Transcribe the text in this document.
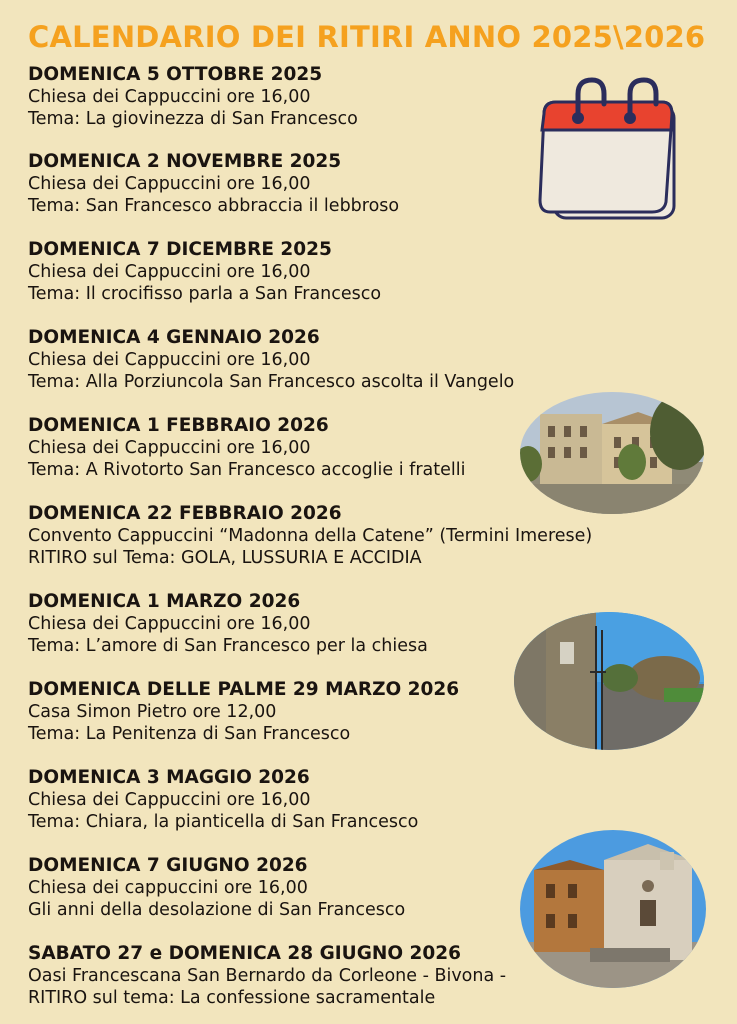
CALENDARIO DEI RITIRI ANNO 2025\2026
DOMENICA 5 OTTOBRE 2025
Chiesa dei Cappuccini ore 16,00
Tema: La giovinezza di San Francesco
DOMENICA 2 NOVEMBRE 2025
Chiesa dei Cappuccini ore 16,00
Tema: San Francesco abbraccia il lebbroso
DOMENICA 7 DICEMBRE 2025
Chiesa dei Cappuccini ore 16,00
Tema: Il crocifisso parla a San Francesco
DOMENICA 4 GENNAIO 2026
Chiesa dei Cappuccini ore 16,00
Tema: Alla Porziuncola San Francesco ascolta il Vangelo
DOMENICA 1 FEBBRAIO 2026
Chiesa dei Cappuccini ore 16,00
Tema: A Rivotorto San Francesco accoglie i fratelli
DOMENICA 22 FEBBRAIO 2026
Convento Cappuccini “Madonna della Catene” (Termini Imerese)
RITIRO sul Tema: GOLA, LUSSURIA E ACCIDIA
DOMENICA 1 MARZO 2026
Chiesa dei Cappuccini ore 16,00
Tema: L’amore di San Francesco per la chiesa
DOMENICA DELLE PALME 29 MARZO 2026
Casa Simon Pietro ore 12,00
Tema: La Penitenza di San Francesco
DOMENICA 3 MAGGIO 2026
Chiesa dei Cappuccini ore 16,00
Tema: Chiara, la pianticella di San Francesco
DOMENICA 7 GIUGNO 2026
Chiesa dei cappuccini ore 16,00
Gli anni della desolazione di San Francesco
SABATO 27 e DOMENICA 28 GIUGNO 2026
Oasi Francescana San Bernardo da Corleone - Bivona -
RITIRO sul tema: La confessione sacramentale
